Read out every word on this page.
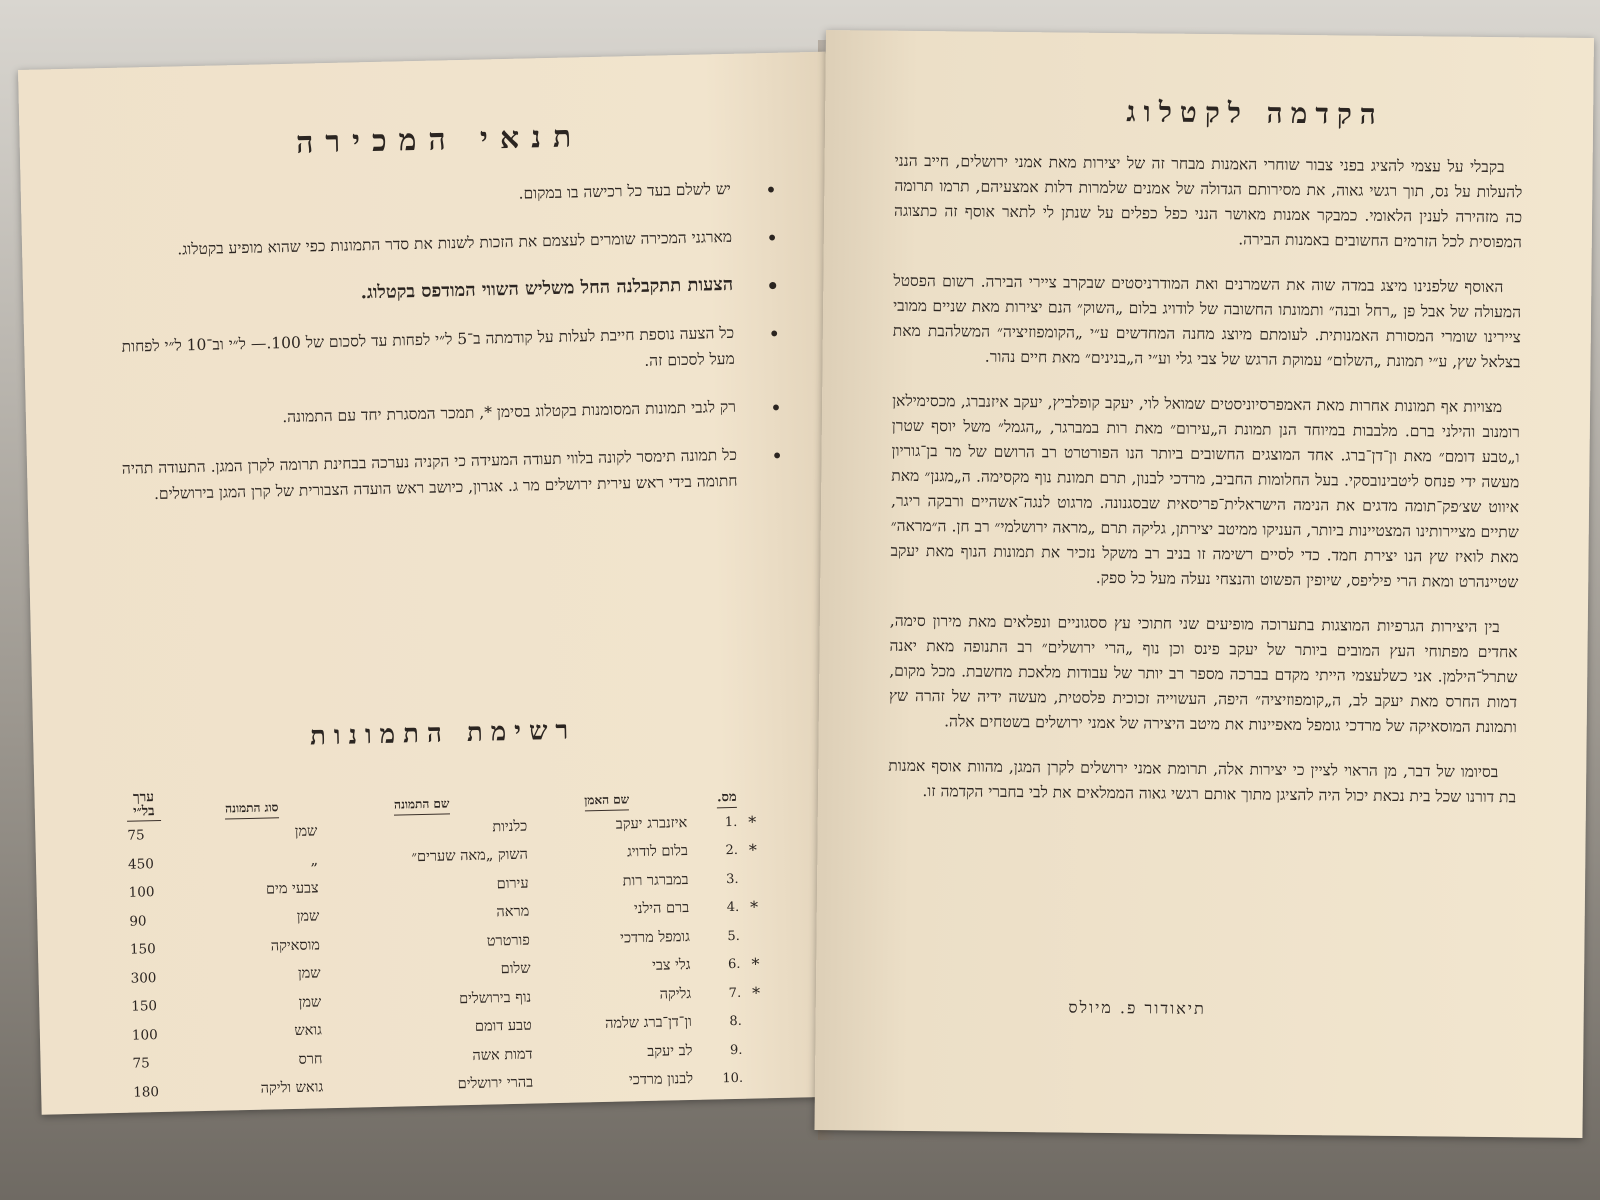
תנאי המכירה
•
יש לשלם בעד כל רכישה בו במקום.
•
מארגני המכירה שומרים לעצמם את הזכות לשנות את סדר התמונות כפי שהוא מופיע בקטלוג.
•
הצעות תתקבלנה החל משליש השווי המודפס בקטלוג.
•
כל הצעה נוספת חייבת לעלות על קודמתה ב־5 ל״י לפחות עד לסכום של 100.— ל״י וב־10 ל״י לפחות מעל לסכום זה.
•
רק לגבי תמונות המסומנות בקטלוג בסימן *, תמכר המסגרת יחד עם התמונה.
•
כל תמונה תימסר לקונה בלווי תעודה המעידה כי הקניה נערכה בבחינת תרומה לקרן המגן. התעודה תהיה חתומה בידי ראש עירית ירושלים מר ג. אגרון, כיושב ראש הועדה הצבורית של קרן המגן בירושלים.
רשימת התמונות
ערך בל״י	סוג התמונה	שם התמונה	שם האמן	מס.
75	שמן	כלניות	איזנברג יעקב	1. *
450	„	השוק „מאה שערים״	בלום לודויג	2. *
100	צבעי מים	עירום	במברגר רות	3.
90	שמן	מראה	ברם הילני	4. *
150	מוסאיקה	פורטרט	גומפל מרדכי	5.
300	שמן	שלום	גלי צבי	6. *
150	שמן	נוף בירושלים	גליקה	7. *
100	גואש	טבע דומם	ון־דן־ברג שלמה	8.
75	חרס	דמות אשה	לב יעקב	9.
180	גואש וליקה	בהרי ירושלים	לבנון מרדכי	10.
הקדמה לקטלוג

בקבלי על עצמי להציג בפני צבור שוחרי האמנות מבחר זה של יצירות מאת אמני ירושלים, חייב הנני להעלות על נס, תוך רגשי גאוה, את מסירותם הגדולה של אמנים שלמרות דלות אמצעיהם, תרמו תרומה כה מזהירה לענין הלאומי. כמבקר אמנות מאושר הנני כפל כפלים על שנתן לי לתאר אוסף זה כתצוגה המפוסית לכל הזרמים החשובים באמנות הבירה.

האוסף שלפנינו מיצג במדה שוה את השמרנים ואת המודרניסטים שבקרב ציירי הבירה. רשום הפסטל המעולה של אבל פן „רחל ובנה״ ותמונתו החשובה של לודויג בלום „השוק״ הנם יצירות מאת שניים ממובי ציירינו שומרי המסורת האמנותית. לעומתם מיוצג מחנה המחדשים ע״י „הקומפוזיציה״ המשלהבת מאת בצלאל שץ, ע״י תמונת „השלום״ עמוקת הרגש של צבי גלי וע״י ה„בנינים״ מאת חיים נהור.

מצויות אף תמונות אחרות מאת האמפרסיוניסטים שמואל לוי, יעקב קופלביץ, יעקב איזנברג, מכסימילאן רומנוב והילני ברם. מלבבות במיוחד הנן תמונת ה„עירום״ מאת רות במברגר, „הגמל״ משל יוסף שטרן ו„טבע דומם״ מאת ון־דן־ברג. אחד המוצגים החשובים ביותר הנו הפורטרט רב הרושם של מר בן־גוריון מעשה ידי פנחס ליטבינובסקי. בעל החלומות החביב, מרדכי לבנון, תרם תמונת נוף מקסימה. ה„מגנן״ מאת איווט שצ׳פק־תומה מדגים את הנימה הישראלית־פריסאית שבסגנונה. מרגוט לנגה־אשהיים ורבקה ריגר, שתיים מציירותינו המצטיינות ביותר, העניקו ממיטב יצירתן, גליקה תרם „מראה ירושלמי״ רב חן. ה״מראה״ מאת לואיז שץ הנו יצירת חמד. כדי לסיים רשימה זו בניב רב משקל נזכיר את תמונות הנוף מאת יעקב שטיינהרט ומאת הרי פיליפס, שיופין הפשוט והנצחי נעלה מעל כל ספק.

בין היצירות הגרפיות המוצגות בתערוכה מופיעים שני חתוכי עץ ססגוניים ונפלאים מאת מירון סימה, אחדים מפתוחי העץ המובים ביותר של יעקב פינס וכן נוף „הרי ירושלים״ רב התנופה מאת יאנה שתרל־הילמן. אני כשלעצמי הייתי מקדם בברכה מספר רב יותר של עבודות מלאכת מחשבת. מכל מקום, דמות החרס מאת יעקב לב, ה„קומפוזיציה״ היפה, העשוייה זכוכית פלסטית, מעשה ידיה של זהרה שץ ותמונת המוסאיקה של מרדכי גומפל מאפיינות את מיטב היצירה של אמני ירושלים בשטחים אלה.

בסיומו של דבר, מן הראוי לציין כי יצירות אלה, תרומת אמני ירושלים לקרן המגן, מהוות אוסף אמנות בת דורנו שכל בית נכאת יכול היה להציגן מתוך אותם רגשי גאוה הממלאים את לבי בחברי הקדמה זו.

תיאודור פ. מיולס
